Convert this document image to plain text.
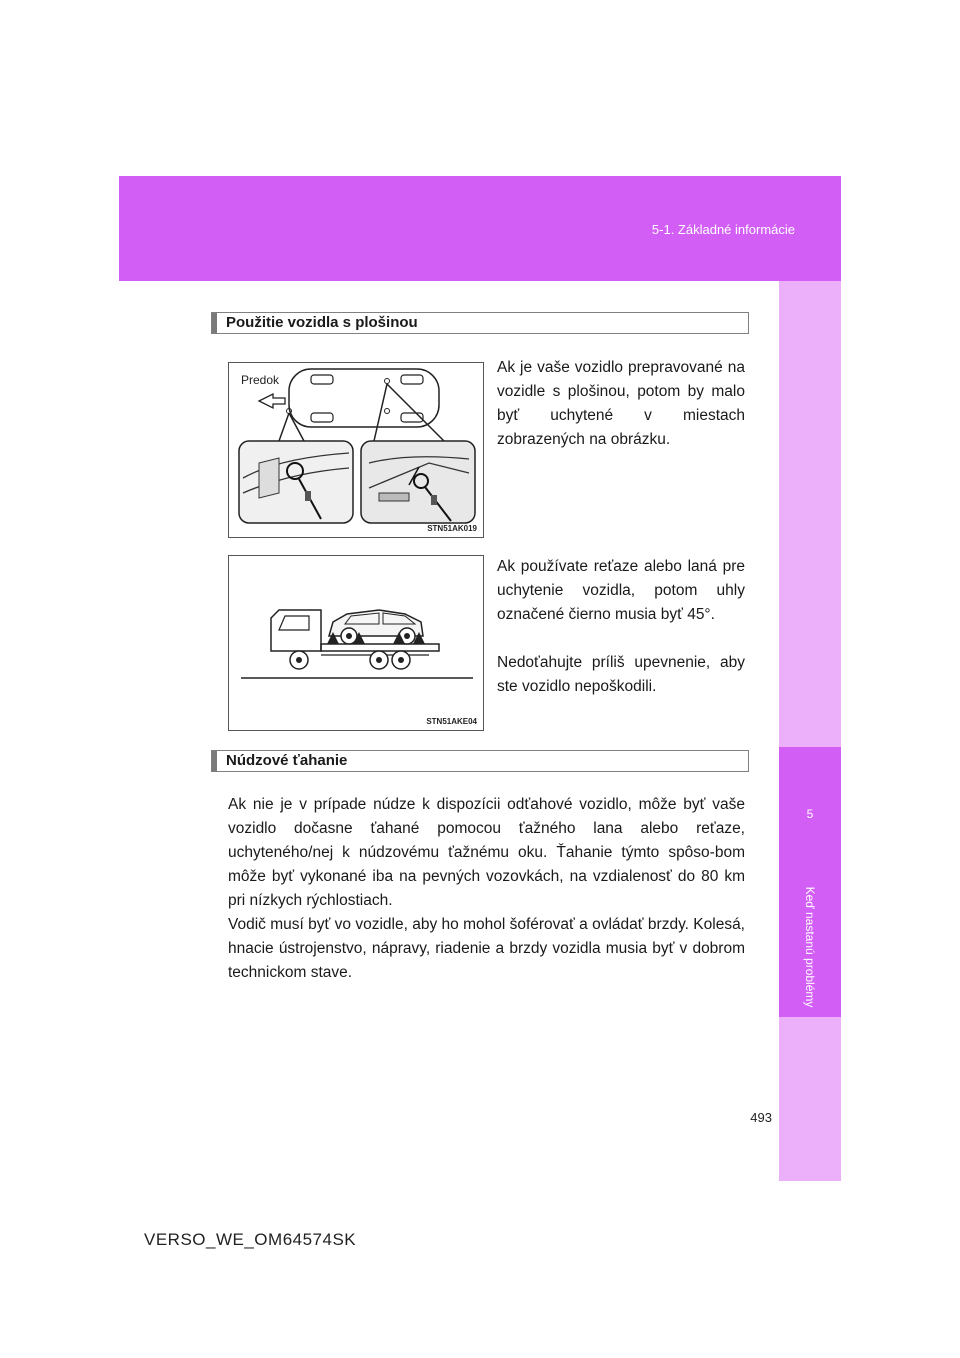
5-1. Základné informácie
5
Keď nastanú problémy
Použitie vozidla s plošinou
Predok
STN51AK019
Ak je vaše vozidlo prepravované na vozidle s plošinou, potom by malo byť uchytené v miestach zobrazených na obrázku.
STN51AKE04
Ak používate reťaze alebo laná pre uchytenie vozidla, potom uhly označené čierno musia byť 45°.
Nedoťahujte príliš upevnenie, aby ste vozidlo nepoškodili.
Núdzové ťahanie
Ak nie je v prípade núdze k dispozícii odťahové vozidlo, môže byť vaše vozidlo dočasne ťahané pomocou ťažného lana alebo reťaze, uchyteného/nej k núdzovému ťažnému oku. Ťahanie týmto spôso-bom môže byť vykonané iba na pevných vozovkách, na vzdialenosť do 80 km pri nízkych rýchlostiach.
Vodič musí byť vo vozidle, aby ho mohol šoférovať a ovládať brzdy. Kolesá, hnacie ústrojenstvo, nápravy, riadenie a brzdy vozidla musia byť v dobrom technickom stave.
493
VERSO_WE_OM64574SK
